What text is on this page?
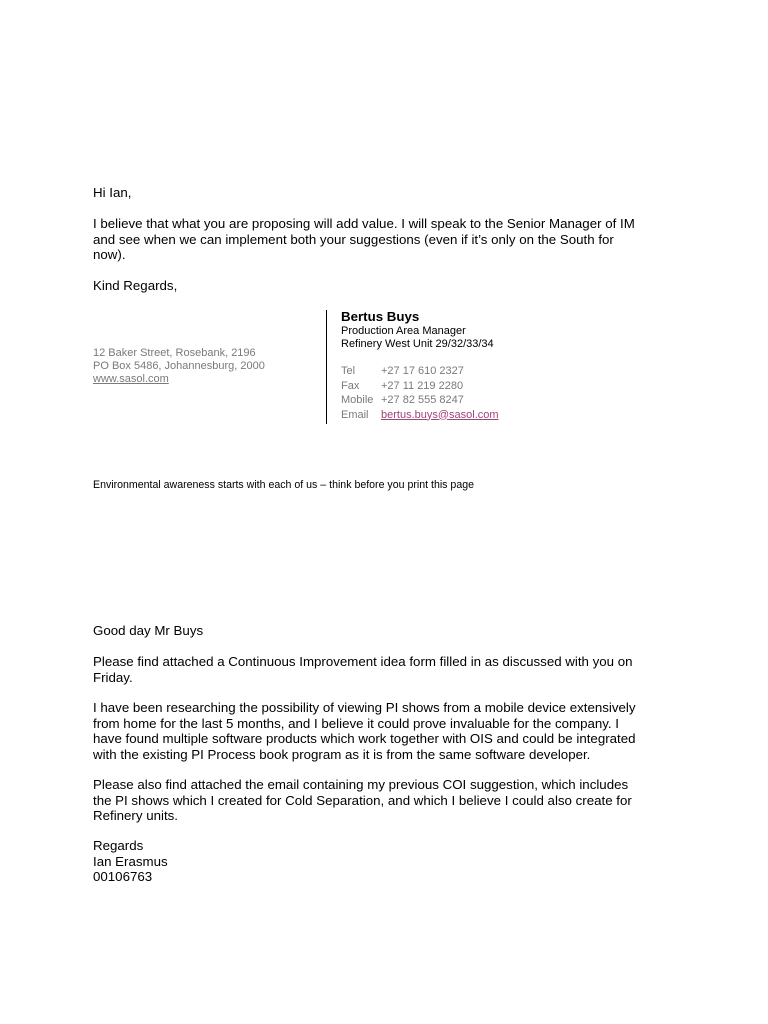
Hi Ian,
I believe that what you are proposing will add value. I will speak to the Senior Manager of IM
and see when we can implement both your suggestions (even if it’s only on the South for
now).
Kind Regards,
12 Baker Street, Rosebank, 2196
PO Box 5486, Johannesburg, 2000
www.sasol.com
Bertus Buys
Production Area Manager
Refinery West Unit 29/32/33/34
Tel	+27 17 610 2327
Fax	+27 11 219 2280
Mobile +27 82 555 8247
Email	bertus.buys@sasol.com
Environmental awareness starts with each of us – think before you print this page
Good day Mr Buys
Please find attached a Continuous Improvement idea form filled in as discussed with you on
Friday.
I have been researching the possibility of viewing PI shows from a mobile device extensively
from home for the last 5 months, and I believe it could prove invaluable for the company. I
have found multiple software products which work together with OIS and could be integrated
with the existing PI Process book program as it is from the same software developer.
Please also find attached the email containing my previous COI suggestion, which includes
the PI shows which I created for Cold Separation, and which I believe I could also create for
Refinery units.
Regards
Ian Erasmus
00106763
